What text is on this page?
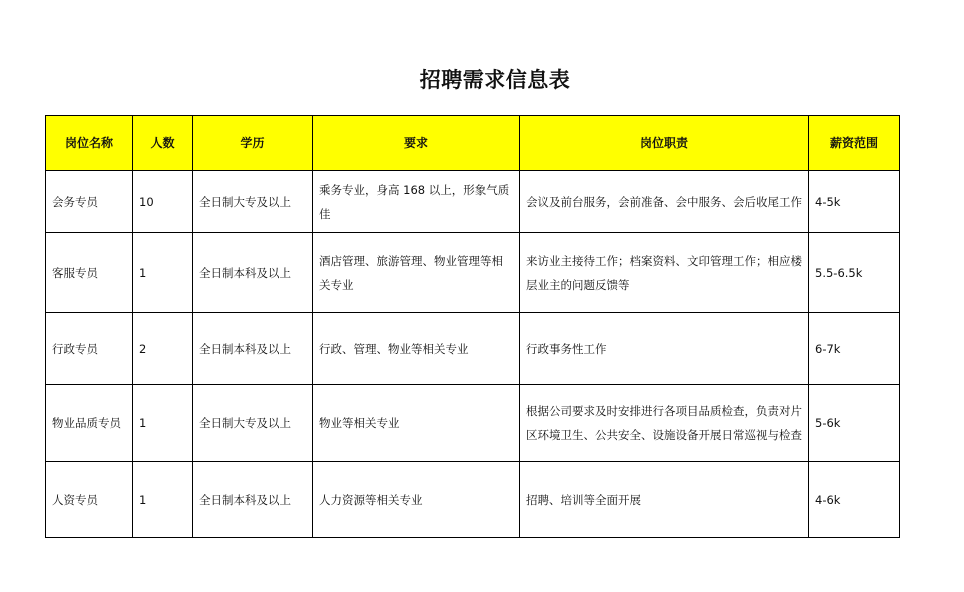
招聘需求信息表
岗位名称	人数	学历	要求	岗位职责	薪资范围
会务专员	10	全日制大专及以上	乘务专业，身高 168 以上，形象气质佳	会议及前台服务，会前准备、会中服务、会后收尾工作	4-5k
客服专员	1	全日制本科及以上	酒店管理、旅游管理、物业管理等相关专业	来访业主接待工作；档案资料、文印管理工作；相应楼层业主的问题反馈等	5.5-6.5k
行政专员	2	全日制本科及以上	行政、管理、物业等相关专业	行政事务性工作	6-7k
物业品质专员	1	全日制大专及以上	物业等相关专业	根据公司要求及时安排进行各项目品质检查，负责对片区环境卫生、公共安全、设施设备开展日常巡视与检查	5-6k
人资专员	1	全日制本科及以上	人力资源等相关专业	招聘、培训等全面开展	4-6k
